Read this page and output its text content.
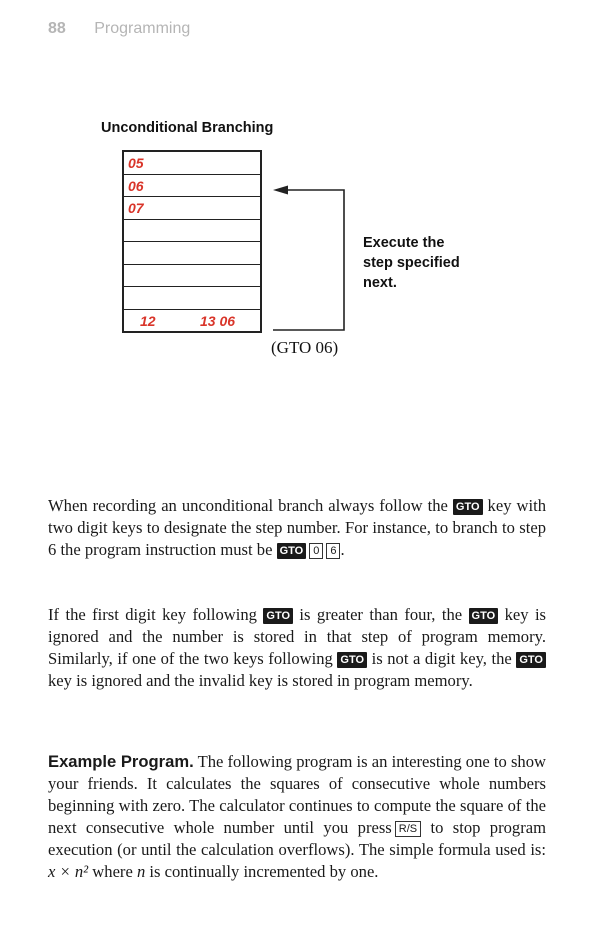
88 Programming
Unconditional Branching
05
06
07
12	13 06
Execute the
step specified
next.
(GTO 06)
When recording an unconditional branch always follow the GTO key with two digit keys to designate the step number. For instance, to branch to step 6 the program instruction must be GTO 0 6 .
If the first digit key following GTO is greater than four, the GTO key is ignored and the number is stored in that step of program memory. Similarly, if one of the two keys following GTO is not a digit key, the GTO key is ignored and the invalid key is stored in program memory.
Example Program. The following program is an interesting one to show your friends. It calculates the squares of consecutive whole numbers beginning with zero. The calculator continues to compute the square of the next consecutive whole number until you press R/S to stop program execution (or until the calculation overflows). The simple formula used is: x × n² where n is continually incremented by one.
